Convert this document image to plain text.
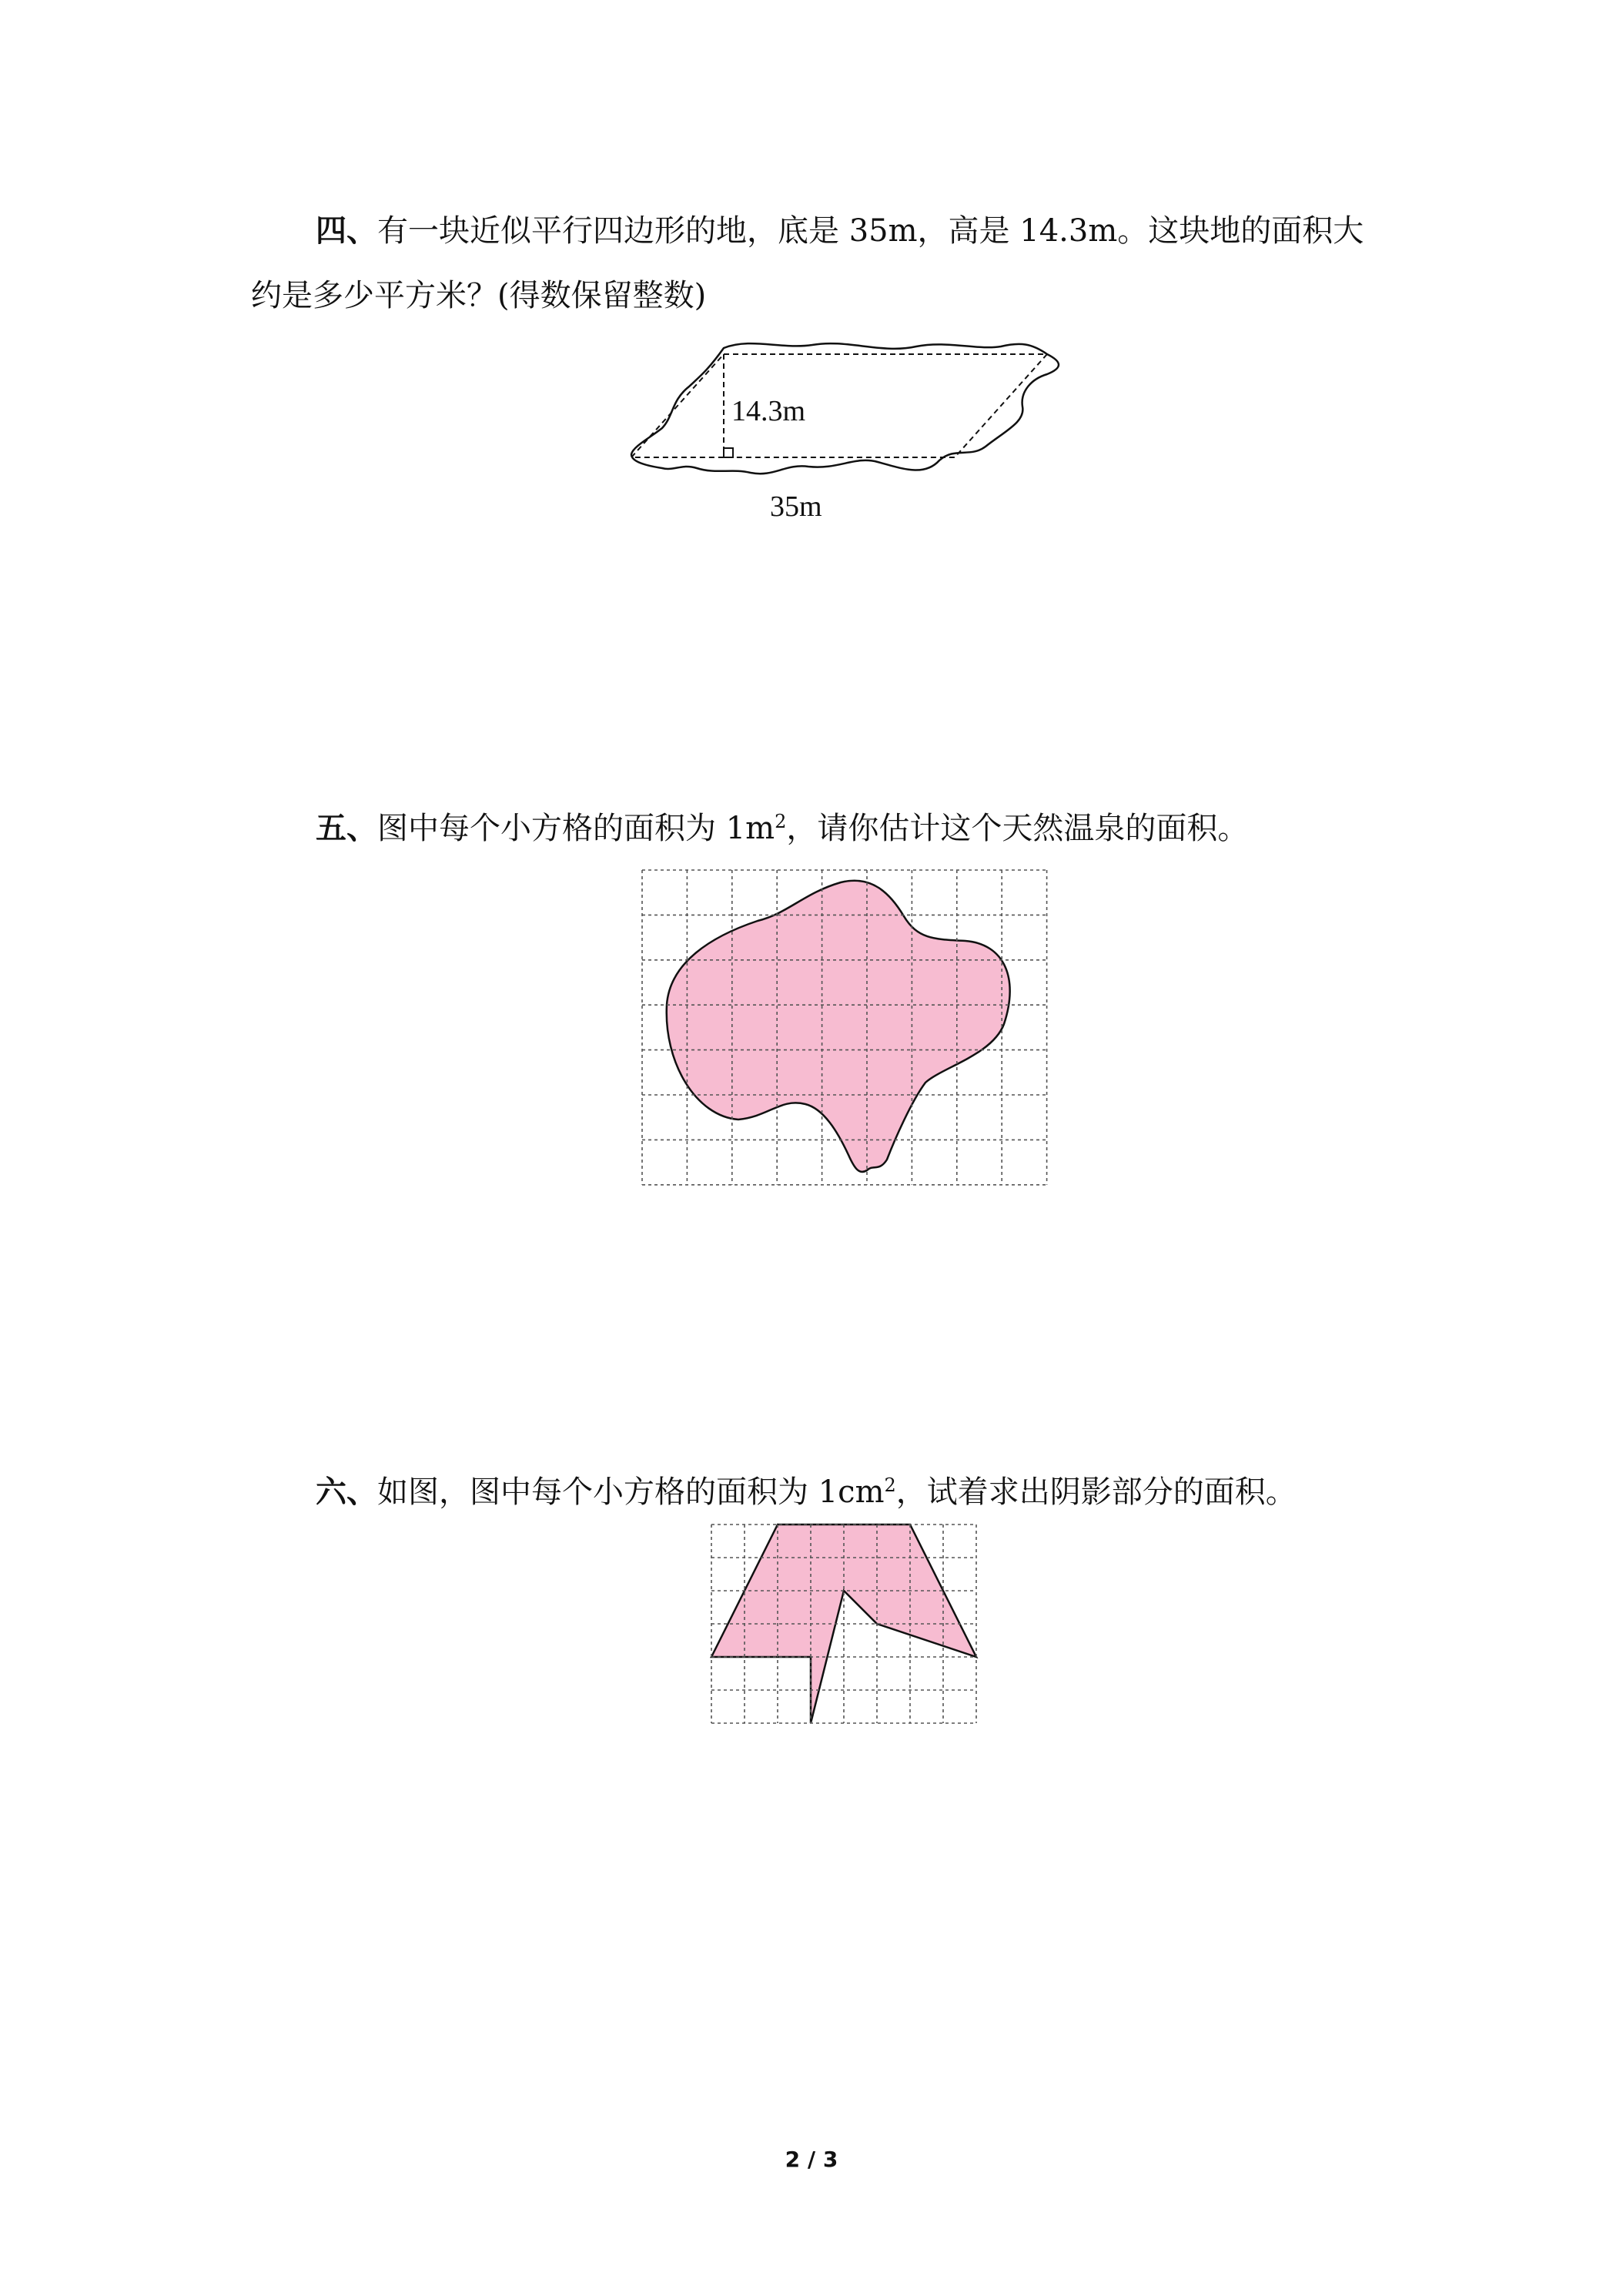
四、有一块近似平行四边形的地，底是 35m，高是 14.3m。这块地的面积大约是多少平方米？(得数保留整数)

14.3m
35m

五、图中每个小方格的面积为 $1m^2$，请你估计这个天然温泉的面积。

六、如图，图中每个小方格的面积为 $1cm^2$，试着求出阴影部分的面积。

2 / 3
